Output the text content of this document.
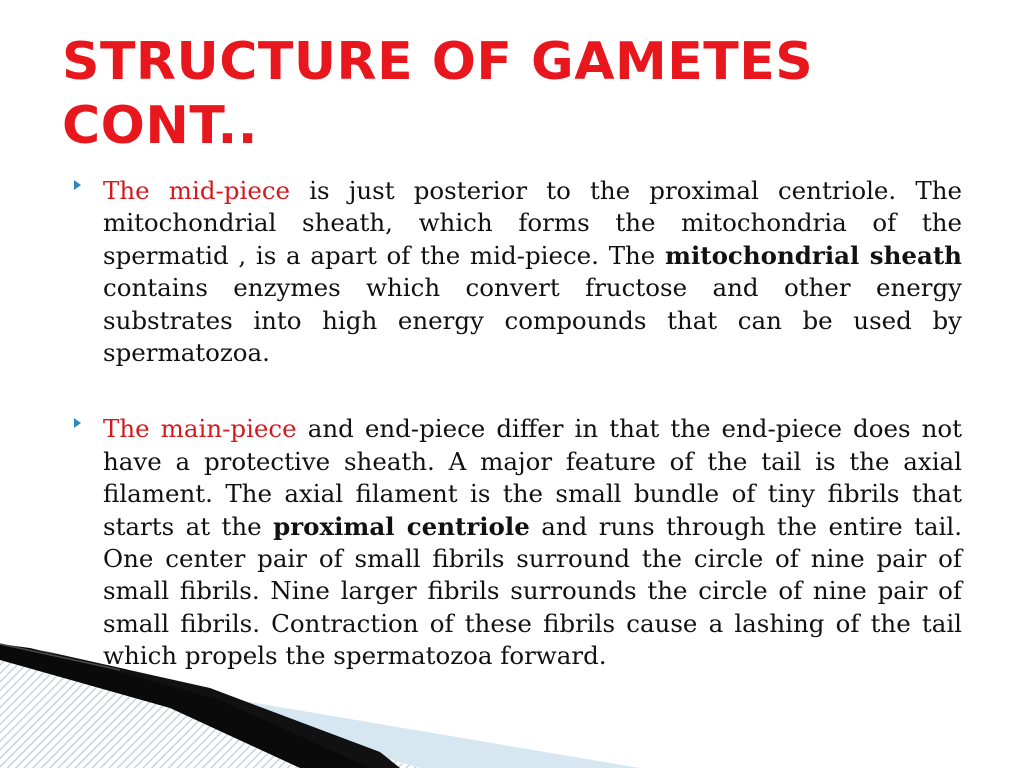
STRUCTURE OF GAMETES
CONT..
The mid-piece is just posterior to the proximal centriole. The mitochondrial sheath, which forms the mitochondria of the spermatid , is a apart of the mid-piece. The mitochondrial sheath contains enzymes which convert fructose and other energy substrates into high energy compounds that can be used by spermatozoa.
The main-piece and end-piece differ in that the end-piece does not have a protective sheath. A major feature of the tail is the axial filament. The axial filament is the small bundle of tiny fibrils that starts at the proximal centriole and runs through the entire tail. One center pair of small fibrils surround the circle of nine pair of small fibrils. Nine larger fibrils surrounds the circle of nine pair of small fibrils. Contraction of these fibrils cause a lashing of the tail which propels the spermatozoa forward.
